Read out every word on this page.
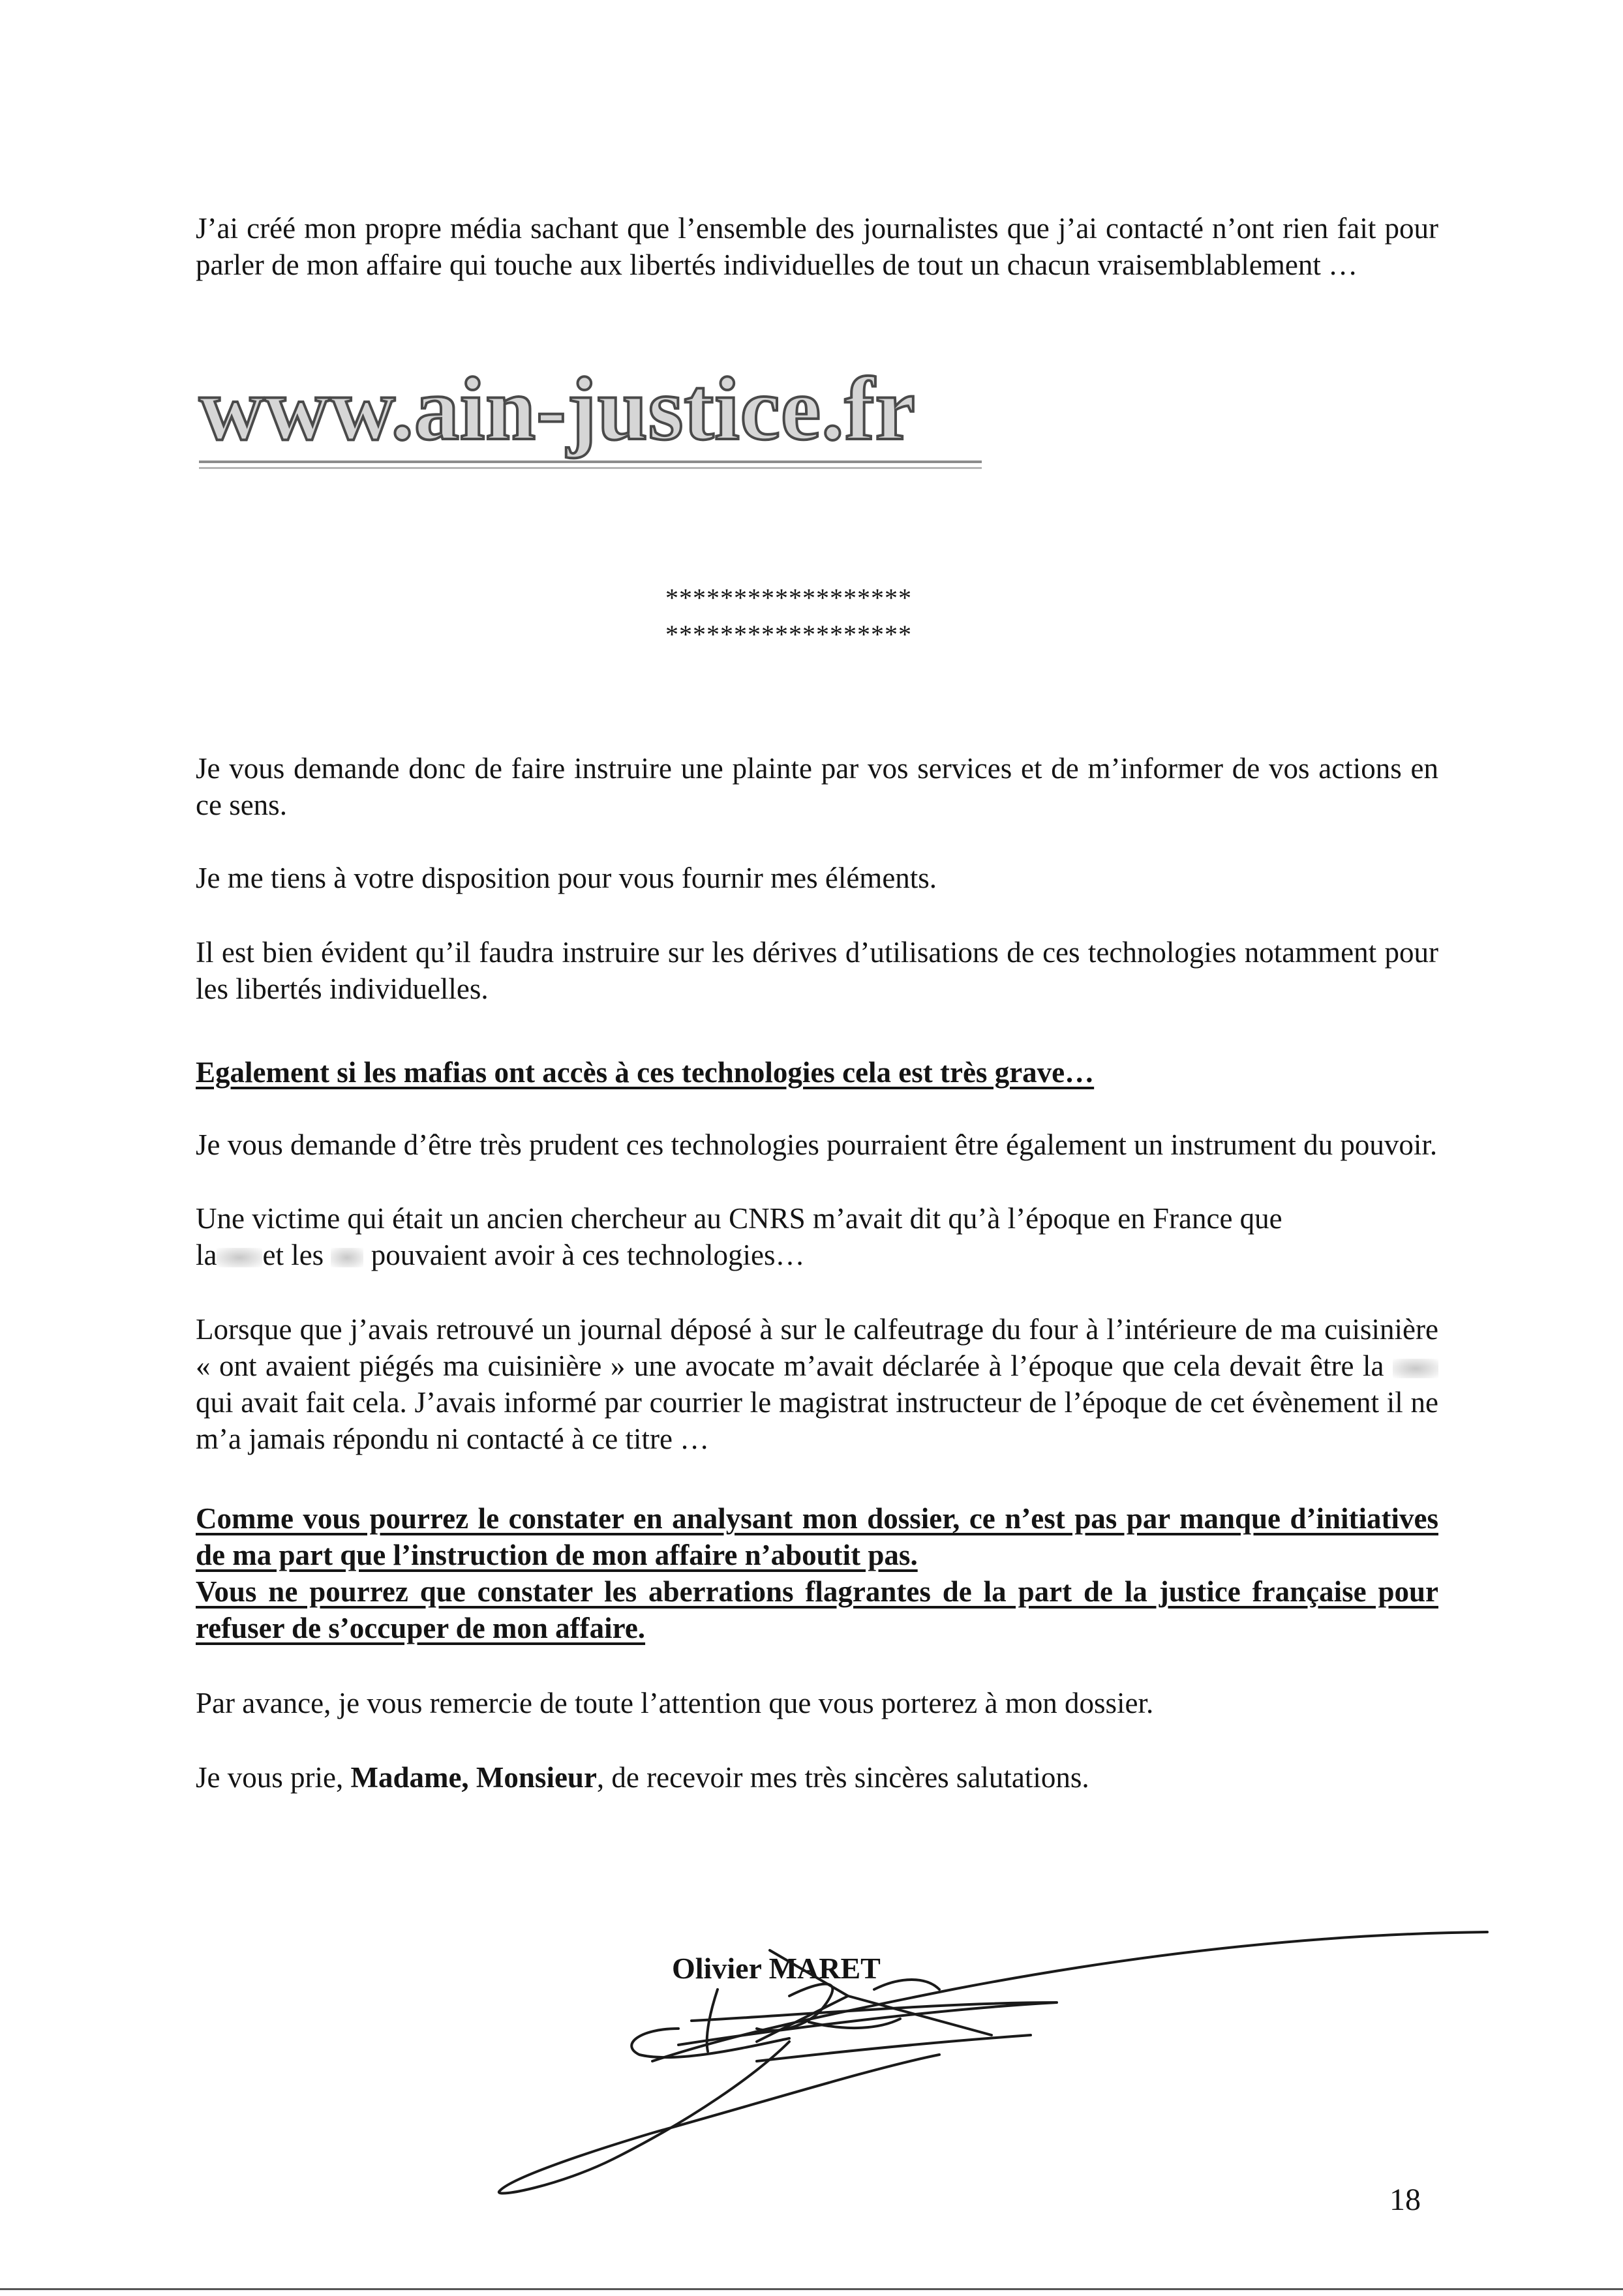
J’ai créé mon propre média sachant que l’ensemble des journalistes que j’ai contacté n’ont rien fait pour parler de mon affaire qui touche aux libertés individuelles de tout un chacun vraisemblablement …

www.ain-justice.fr
******************
******************

Je vous demande donc de faire instruire une plainte par vos services et de m’informer de vos actions en ce sens.

Je me tiens à votre disposition pour vous fournir mes éléments.

Il est bien évident qu’il faudra instruire sur les dérives d’utilisations de ces technologies notamment pour les libertés individuelles.

Egalement si les mafias ont accès à ces technologies cela est très grave…

Je vous demande d’être très prudent ces technologies pourraient être également un instrument du pouvoir.

Une victime qui était un ancien chercheur au CNRS m’avait dit qu’à l’époque en France que

la et les pouvaient avoir à ces technologies…

Lorsque que j’avais retrouvé un journal déposé à sur le calfeutrage du four à l’intérieure de ma cuisinière « ont avaient piégés ma cuisinière » une avocate m’avait déclarée à l’époque que cela devait être la  qui avait fait cela. J’avais informé par courrier le magistrat instructeur de l’époque de cet évènement il ne m’a jamais répondu ni contacté à ce titre …

Comme vous pourrez le constater en analysant mon dossier, ce n’est pas par manque d’initiatives de ma part que l’instruction de mon affaire n’aboutit pas.

Vous ne pourrez que constater les aberrations flagrantes de la part de la justice française pour refuser de s’occuper de mon affaire.

Par avance, je vous remercie de toute l’attention que vous porterez à mon dossier.

Je vous prie, Madame, Monsieur, de recevoir mes très sincères salutations.

Olivier MARET
18
